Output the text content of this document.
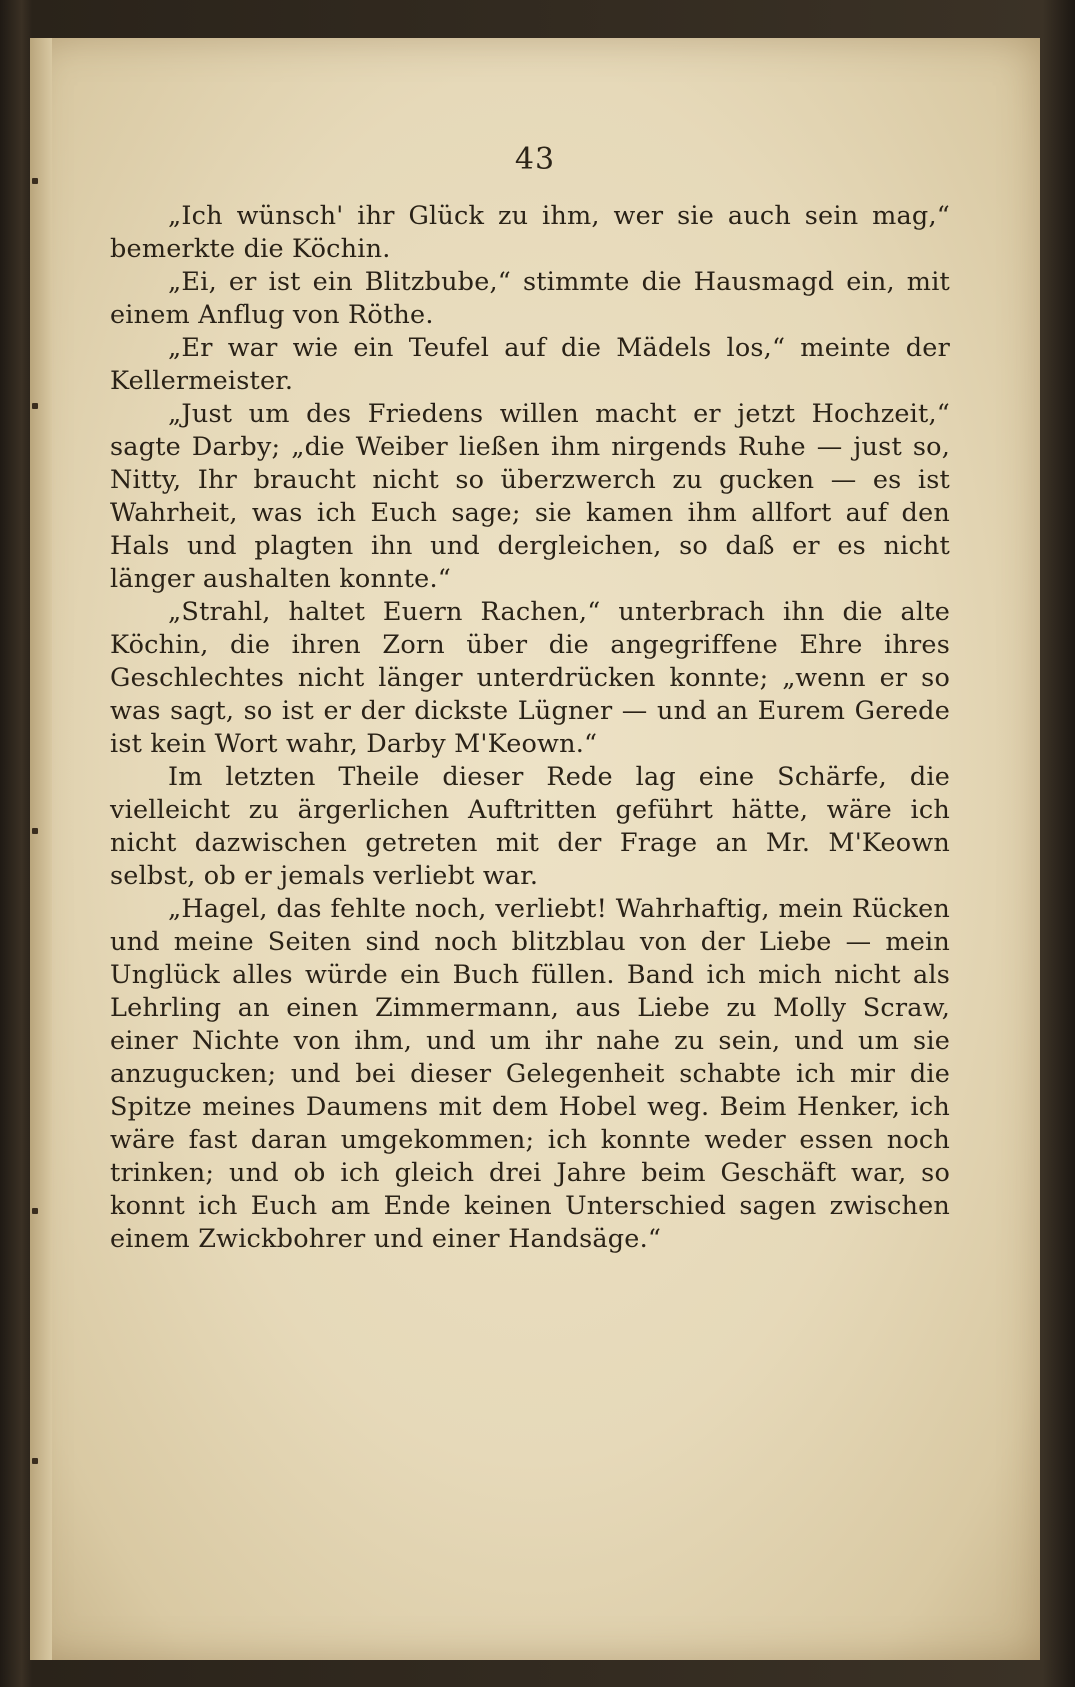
43

„Ich wünsch' ihr Glück zu ihm, wer sie auch sein mag,“ bemerkte die Köchin.

„Ei, er ist ein Blitzbube,“ stimmte die Hausmagd ein, mit einem Anflug von Röthe.

„Er war wie ein Teufel auf die Mädels los,“ meinte der Kellermeister.

„Just um des Friedens willen macht er jetzt Hochzeit,“ sagte Darby; „die Weiber ließen ihm nirgends Ruhe — just so, Nitty, Ihr braucht nicht so überzwerch zu gucken — es ist Wahrheit, was ich Euch sage; sie kamen ihm allfort auf den Hals und plagten ihn und dergleichen, so daß er es nicht länger aushalten konnte.“

„Strahl, haltet Euern Rachen,“ unterbrach ihn die alte Köchin, die ihren Zorn über die angegriffene Ehre ihres Geschlechtes nicht länger unterdrücken konnte; „wenn er so was sagt, so ist er der dickste Lügner — und an Eurem Gerede ist kein Wort wahr, Darby M'Keown.“

Im letzten Theile dieser Rede lag eine Schärfe, die vielleicht zu ärgerlichen Auftritten geführt hätte, wäre ich nicht dazwischen getreten mit der Frage an Mr. M'Keown selbst, ob er jemals verliebt war.

„Hagel, das fehlte noch, verliebt! Wahrhaftig, mein Rücken und meine Seiten sind noch blitzblau von der Liebe — mein Unglück alles würde ein Buch füllen. Band ich mich nicht als Lehrling an einen Zimmermann, aus Liebe zu Molly Scraw, einer Nichte von ihm, und um ihr nahe zu sein, und um sie anzugucken; und bei dieser Gelegenheit schabte ich mir die Spitze meines Daumens mit dem Hobel weg. Beim Henker, ich wäre fast daran umgekommen; ich konnte weder essen noch trinken; und ob ich gleich drei Jahre beim Geschäft war, so konnt ich Euch am Ende keinen Unterschied sagen zwischen einem Zwickbohrer und einer Handsäge.“
